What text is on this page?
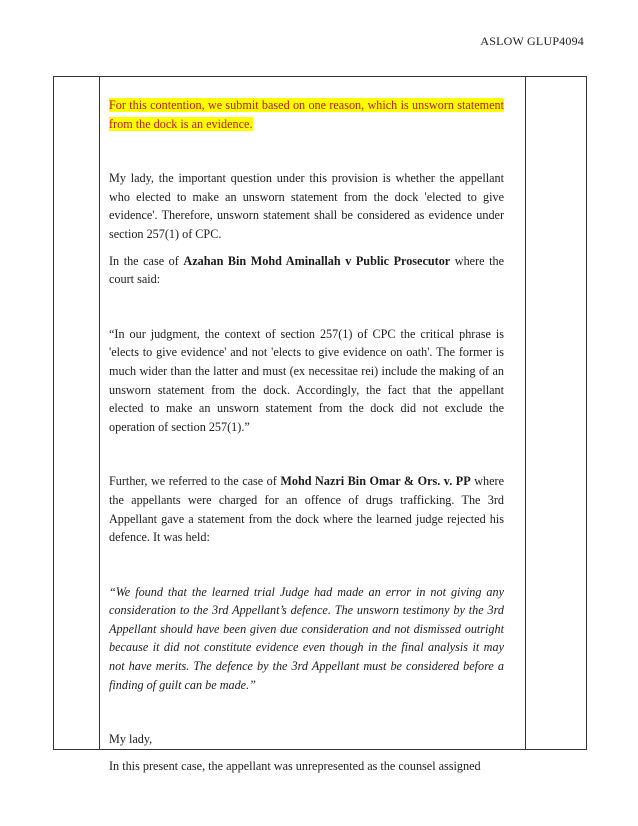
ASLOW GLUP4094

For this contention, we submit based on one reason, which is unsworn statement from the dock is an evidence.

My lady, the important question under this provision is whether the appellant who elected to make an unsworn statement from the dock 'elected to give evidence'. Therefore, unsworn statement shall be considered as evidence under section 257(1) of CPC.

In the case of Azahan Bin Mohd Aminallah v Public Prosecutor where the court said:

“In our judgment, the context of section 257(1) of CPC the critical phrase is 'elects to give evidence' and not 'elects to give evidence on oath'. The former is much wider than the latter and must (ex necessitae rei) include the making of an unsworn statement from the dock. Accordingly, the fact that the appellant elected to make an unsworn statement from the dock did not exclude the operation of section 257(1).”

Further, we referred to the case of Mohd Nazri Bin Omar & Ors. v. PP where the appellants were charged for an offence of drugs trafficking. The 3rd Appellant gave a statement from the dock where the learned judge rejected his defence. It was held:

“We found that the learned trial Judge had made an error in not giving any consideration to the 3rd Appellant’s defence. The unsworn testimony by the 3rd Appellant should have been given due consideration and not dismissed outright because it did not constitute evidence even though in the final analysis it may not have merits. The defence by the 3rd Appellant must be considered before a finding of guilt can be made.”

My lady,

In this present case, the appellant was unrepresented as the counsel assigned
